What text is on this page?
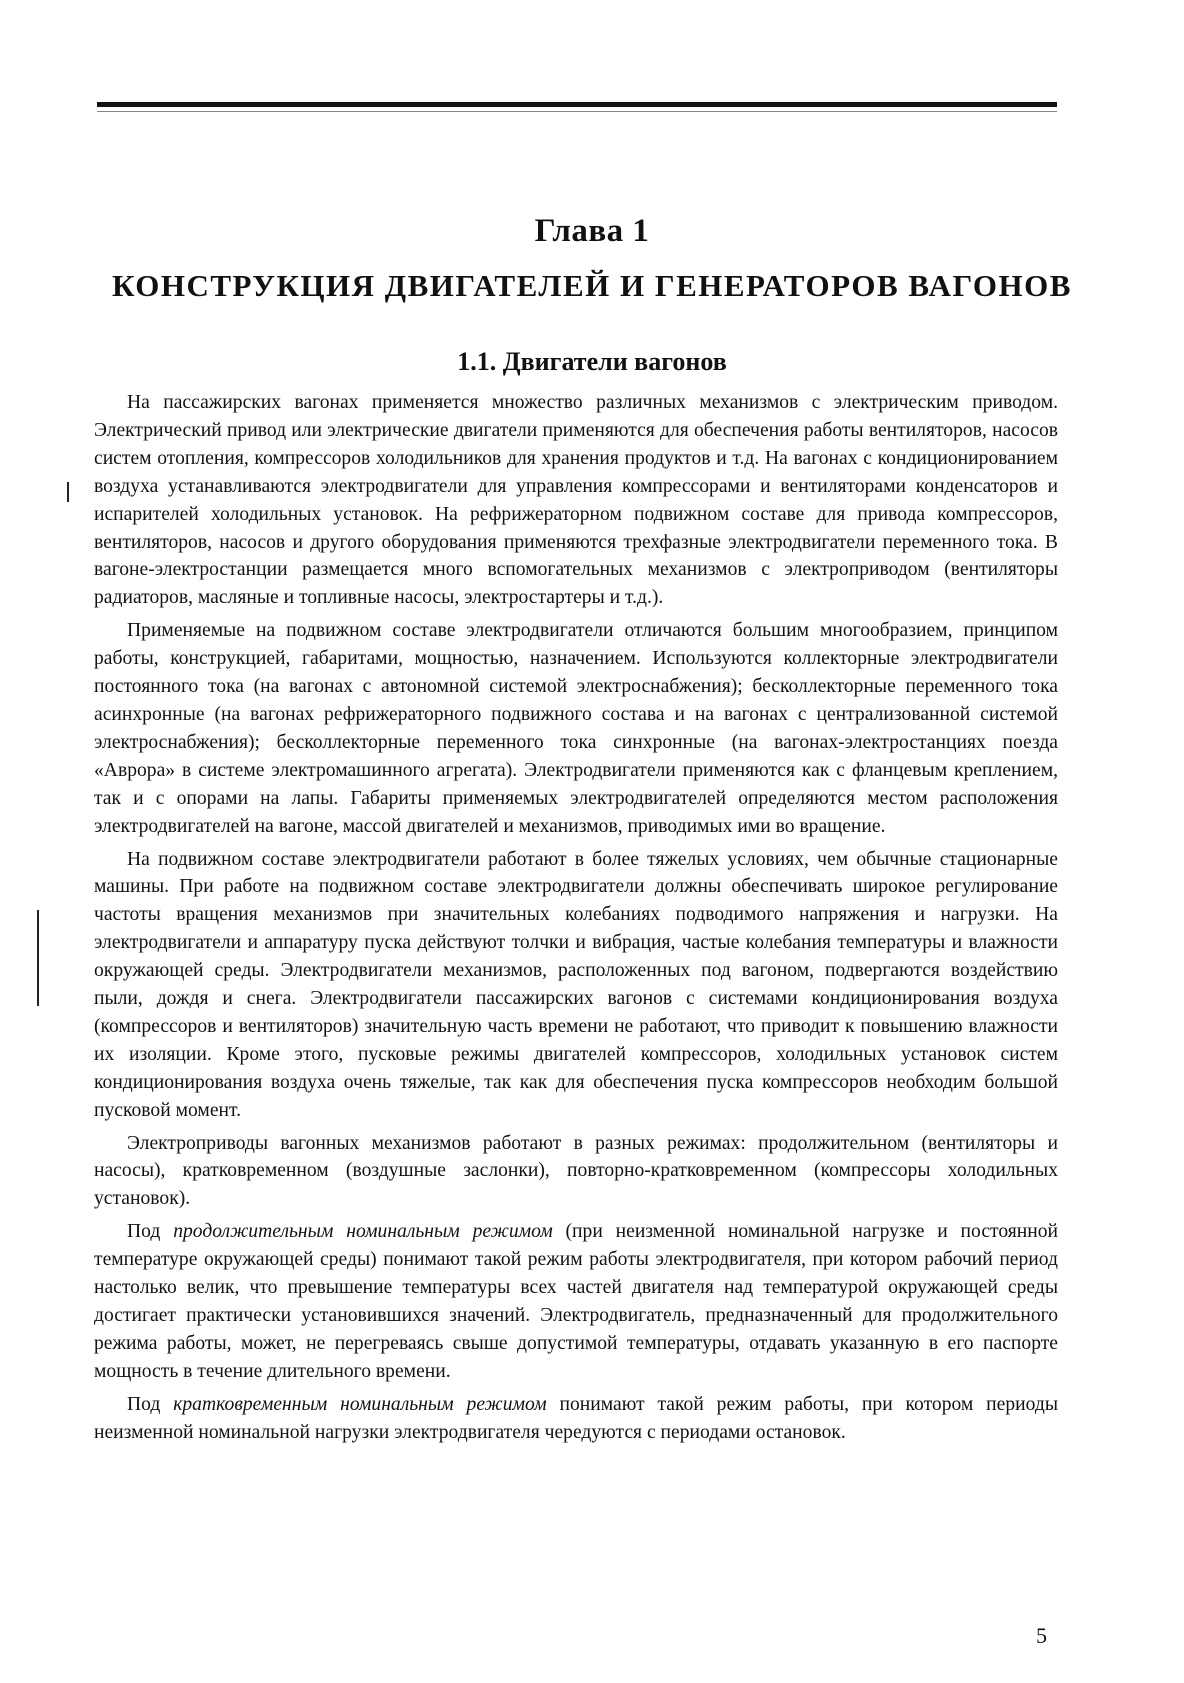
Глава 1
КОНСТРУКЦИЯ ДВИГАТЕЛЕЙ И ГЕНЕРАТОРОВ ВАГОНОВ
1.1. Двигатели вагонов

На пассажирских вагонах применяется множество различных механизмов с электрическим приводом. Электрический привод или электрические двигатели применяются для обеспечения работы вентиляторов, насосов систем отопления, компрессоров холодильников для хранения продуктов и т.д. На вагонах с кондиционированием воздуха устанавливаются электродвигатели для управления компрессорами и вентиляторами конденсаторов и испарителей холодильных установок. На рефрижераторном подвижном составе для привода компрессоров, вентиляторов, насосов и другого оборудования применяются трехфазные электродвигатели переменного тока. В вагоне-электростанции размещается много вспомогательных механизмов с электроприводом (вентиляторы радиаторов, масляные и топливные насосы, электростартеры и т.д.).

Применяемые на подвижном составе электродвигатели отличаются большим многообразием, принципом работы, конструкцией, габаритами, мощностью, назначением. Используются коллекторные электродвигатели постоянного тока (на вагонах с автономной системой электроснабжения); бесколлекторные переменного тока асинхронные (на вагонах рефрижераторного подвижного состава и на вагонах с централизованной системой электроснабжения); бесколлекторные переменного тока синхронные (на вагонах-электростанциях поезда «Аврора» в системе электромашинного агрегата). Электродвигатели применяются как с фланцевым креплением, так и с опорами на лапы. Габариты применяемых электродвигателей определяются местом расположения электродвигателей на вагоне, массой двигателей и механизмов, приводимых ими во вращение.

На подвижном составе электродвигатели работают в более тяжелых условиях, чем обычные стационарные машины. При работе на подвижном составе электродвигатели должны обеспечивать широкое регулирование частоты вращения механизмов при значительных колебаниях подводимого напряжения и нагрузки. На электродвигатели и аппаратуру пуска действуют толчки и вибрация, частые колебания температуры и влажности окружающей среды. Электродвигатели механизмов, расположенных под вагоном, подвергаются воздействию пыли, дождя и снега. Электродвигатели пассажирских вагонов с системами кондиционирования воздуха (компрессоров и вентиляторов) значительную часть времени не работают, что приводит к повышению влажности их изоляции. Кроме этого, пусковые режимы двигателей компрессоров, холодильных установок систем кондиционирования воздуха очень тяжелые, так как для обеспечения пуска компрессоров необходим большой пусковой момент.

Электроприводы вагонных механизмов работают в разных режимах: продолжительном (вентиляторы и насосы), кратковременном (воздушные заслонки), повторно-кратковременном (компрессоры холодильных установок).

Под продолжительным номинальным режимом (при неизменной номинальной нагрузке и постоянной температуре окружающей среды) понимают такой режим работы электродвигателя, при котором рабочий период настолько велик, что превышение температуры всех частей двигателя над температурой окружающей среды достигает практически установившихся значений. Электродвигатель, предназначенный для продолжительного режима работы, может, не перегреваясь свыше допустимой температуры, отдавать указанную в его паспорте мощность в течение длительного времени.

Под кратковременным номинальным режимом понимают такой режим работы, при котором периоды неизменной номинальной нагрузки электродвигателя чередуются с периодами остановок.

5
